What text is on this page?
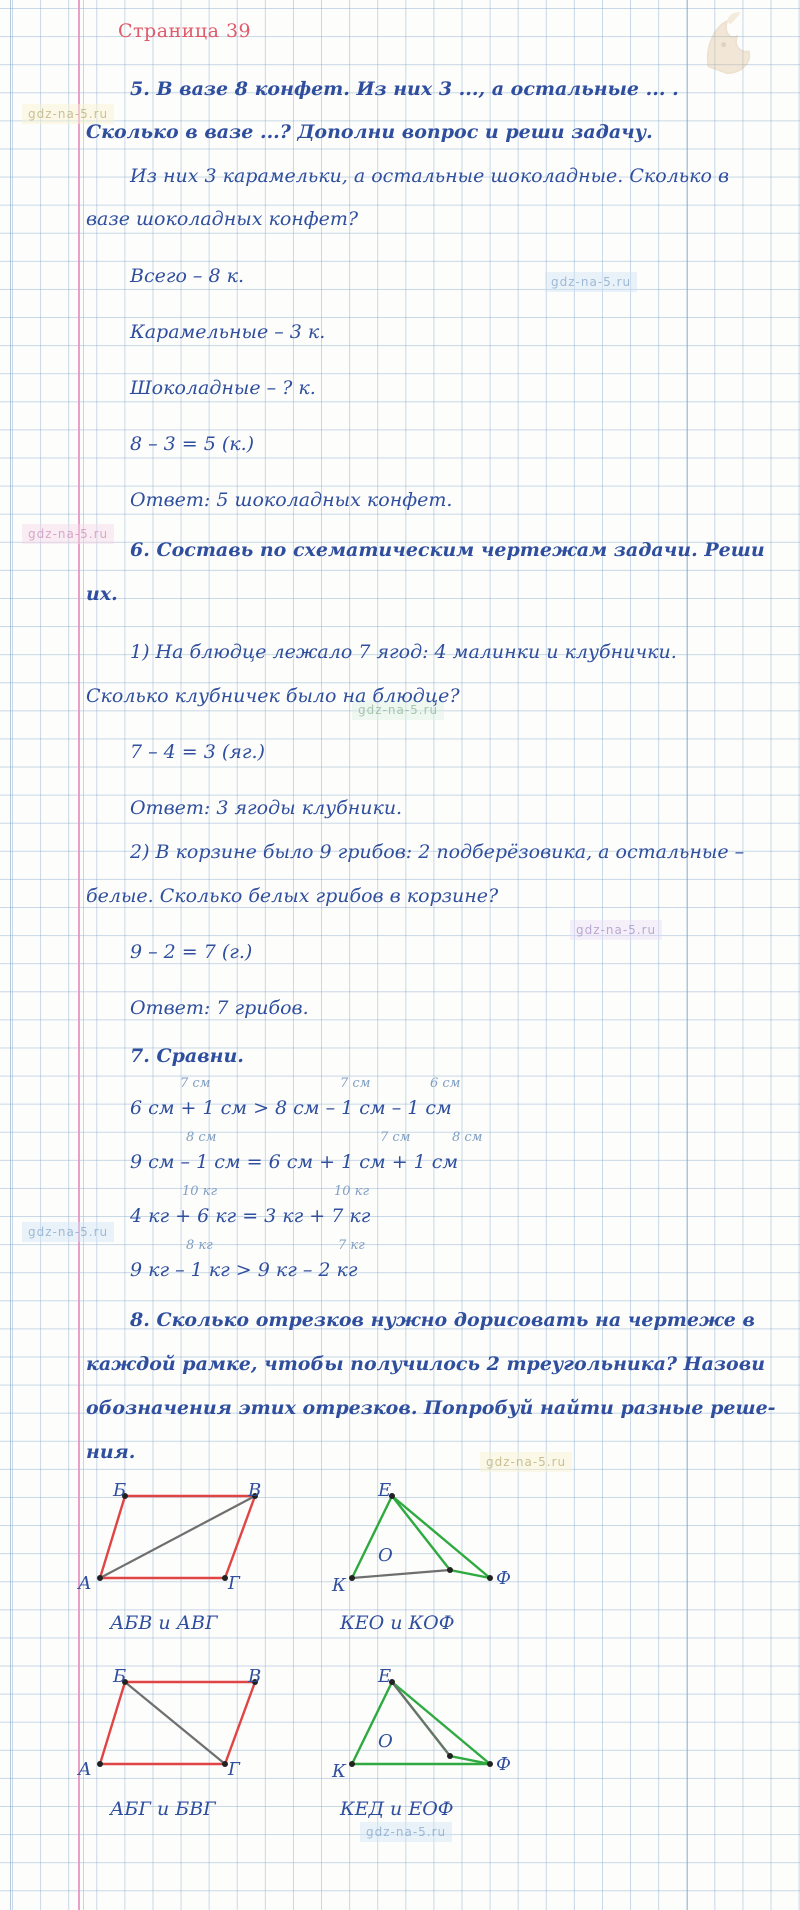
gdz-na-5.ru
gdz-na-5.ru
gdz-na-5.ru
gdz-na-5.ru
gdz-na-5.ru
gdz-na-5.ru
gdz-na-5.ru
gdz-na-5.ru
Страница 39
5. В вазе 8 конфет. Из них 3 ..., а остальные ... .
Сколько в вазе ...? Дополни вопрос и реши задачу.
Из них 3 карамельки, а остальные шоколадные. Сколько в
вазе шоколадных конфет?
Всего – 8 к.
Карамельные – 3 к.
Шоколадные – ? к.
8 – 3 = 5 (к.)
Ответ: 5 шоколадных конфет.
6. Составь по схематическим чертежам задачи. Реши
их.
1) На блюдце лежало 7 ягод: 4 малинки и клубнички.
Сколько клубничек было на блюдце?
7 – 4 = 3 (яг.)
Ответ: 3 ягоды клубники.
2) В корзине было 9 грибов: 2 подберёзовика, а остальные –
белые. Сколько белых грибов в корзине?
9 – 2 = 7 (г.)
Ответ: 7 грибов.
7. Сравни.
7 см	7 см	6 см
6 см + 1 см > 8 см – 1 см – 1 см
8 см	7 см	8 см
9 см – 1 см = 6 см + 1 см + 1 см
10 кг	10 кг
4 кг + 6 кг = 3 кг + 7 кг
8 кг	7 кг
9 кг – 1 кг > 9 кг – 2 кг
8. Сколько отрезков нужно дорисовать на чертеже в
каждой рамке, чтобы получилось 2 треугольника? Назови
обозначения этих отрезков. Попробуй найти разные реше-
ния.
Б	В
А	Г
АБВ и АВГ
Е
О
К	Ф
КЕО и КОФ
Б	В
А	Г
АБГ и БВГ
Е
О
К	Ф
КЕД и ЕОФ
